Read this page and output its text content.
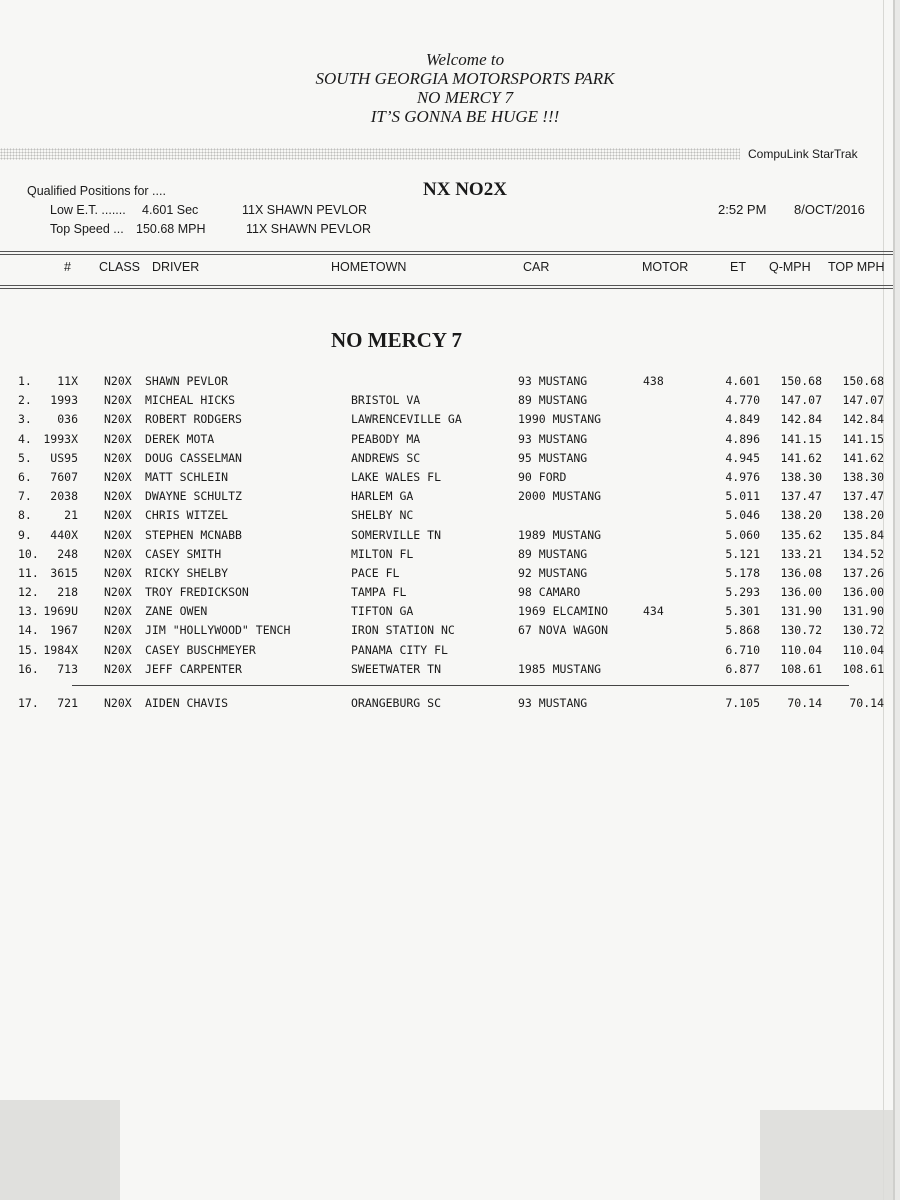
Welcome to
SOUTH GEORGIA MOTORSPORTS PARK
NO MERCY 7
IT’S GONNA BE HUGE !!!
CompuLink StarTrak
Qualified Positions for ....
Low E.T. ....... 4.601 Sec	11X SHAWN PEVLOR
Top Speed ... 150.68 MPH	11X SHAWN PEVLOR
NX NO2X
2:52 PM 8/OCT/2016
# CLASS DRIVER	HOMETOWN	CAR	MOTOR	ET Q-MPH TOP MPH
NO MERCY 7
1.	11X N20X SHAWN PEVLOR	93 MUSTANG	438	4.601	150.68	150.68
2.	1993 N20X MICHEAL HICKS	BRISTOL VA	89 MUSTANG	4.770	147.07	147.07
3.	036 N20X ROBERT RODGERS	LAWRENCEVILLE GA	1990 MUSTANG	4.849	142.84	142.84
4.	1993X N20X DEREK MOTA	PEABODY MA	93 MUSTANG	4.896	141.15	141.15
5.	US95 N20X DOUG CASSELMAN	ANDREWS SC	95 MUSTANG	4.945	141.62	141.62
6.	7607 N20X MATT SCHLEIN	LAKE WALES FL	90 FORD	4.976	138.30	138.30
7.	2038 N20X DWAYNE SCHULTZ	HARLEM GA	2000 MUSTANG	5.011	137.47	137.47
8.	21 N20X CHRIS WITZEL	SHELBY NC	5.046	138.20	138.20
9.	440X N20X STEPHEN MCNABB	SOMERVILLE TN	1989 MUSTANG	5.060	135.62	135.84
10.	248 N20X CASEY SMITH	MILTON FL	89 MUSTANG	5.121	133.21	134.52
11.	3615 N20X RICKY SHELBY	PACE FL	92 MUSTANG	5.178	136.08	137.26
12.	218 N20X TROY FREDICKSON	TAMPA FL	98 CAMARO	5.293	136.00	136.00
13. 1969U N20X ZANE OWEN	TIFTON GA	1969 ELCAMINO	434	5.301	131.90	131.90
14.	1967 N20X JIM "HOLLYWOOD" TENCH	IRON STATION NC	67 NOVA WAGON	5.868	130.72	130.72
15. 1984X N20X CASEY BUSCHMEYER	PANAMA CITY FL	6.710	110.04	110.04
16.	713 N20X JEFF CARPENTER	SWEETWATER TN	1985 MUSTANG	6.877	108.61	108.61
17.	721 N20X AIDEN CHAVIS	ORANGEBURG SC	93 MUSTANG	7.105	70.14	70.14
